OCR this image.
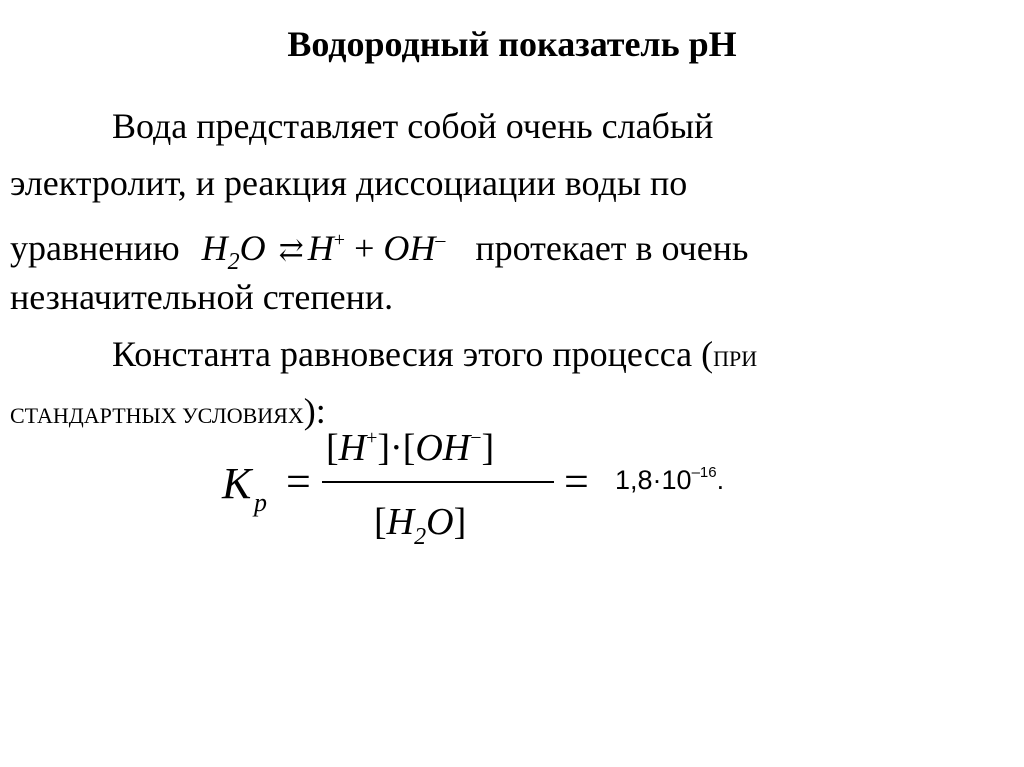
Водородный показатель pH
Вода представляет собой очень слабый
электролит, и реакция диссоциации воды по
уравнению $H_2O$ ⇄ H+ + OH– протекает в очень
незначительной степени.
Константа равновесия этого процесса (ПРИ
СТАНДАРТНЫХ УСЛОВИЯХ):
K p =
[H+]·[OH−]
$[H_2O]$
= $1,8\cdot 10^{-16}$.
